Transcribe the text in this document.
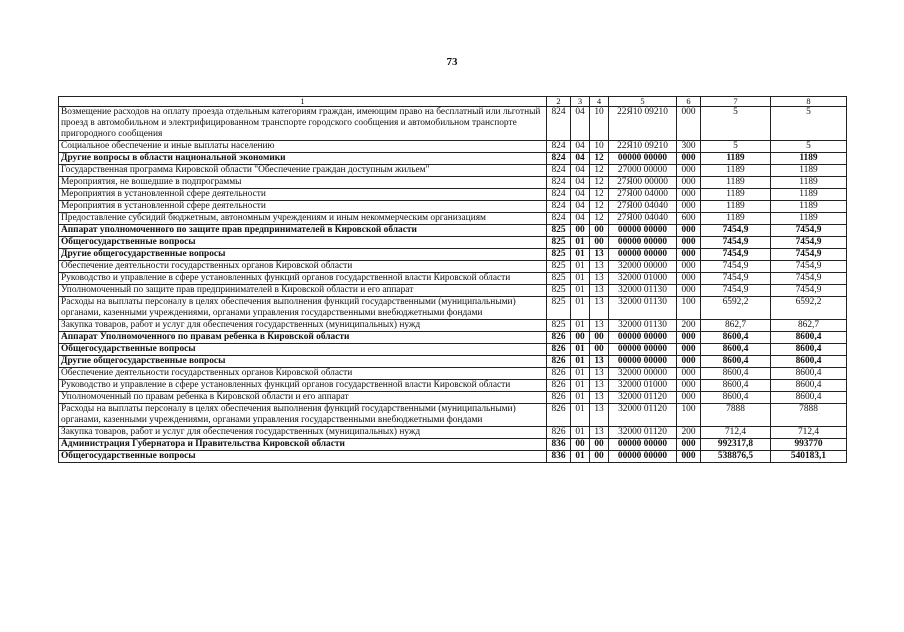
73
1	2	3	4	5	6	7	8
Возмещение расходов на оплату проезда отдельным категориям граждан, имеющим право на бесплатный или льготный проезд в автомобильном и электрифицированном транспорте городского сообщения и автомобильном транспорте пригородного сообщения	824	04	10	22Я10 09210	000	5	5
Социальное обеспечение и иные выплаты населению	824	04	10	22Я10 09210	300	5	5
Другие вопросы в области национальной экономики	824	04	12	00000 00000	000	1189	1189
Государственная программа Кировской области "Обеспечение граждан доступным жильем"	824	04	12	27000 00000	000	1189	1189
Мероприятия, не вошедшие в подпрограммы	824	04	12	27Я00 00000	000	1189	1189
Мероприятия в установленной сфере деятельности	824	04	12	27Я00 04000	000	1189	1189
Мероприятия в установленной сфере деятельности	824	04	12	27Я00 04040	000	1189	1189
Предоставление субсидий бюджетным, автономным учреждениям и иным некоммерческим организациям	824	04	12	27Я00 04040	600	1189	1189
Аппарат уполномоченного по защите прав предпринимателей в Кировской области	825	00	00	00000 00000	000	7454,9	7454,9
Общегосударственные вопросы	825	01	00	00000 00000	000	7454,9	7454,9
Другие общегосударственные вопросы	825	01	13	00000 00000	000	7454,9	7454,9
Обеспечение деятельности государственных органов Кировской области	825	01	13	32000 00000	000	7454,9	7454,9
Руководство и управление в сфере установленных функций органов государственной власти Кировской области	825	01	13	32000 01000	000	7454,9	7454,9
Уполномоченный по защите прав предпринимателей в Кировской области и его аппарат	825	01	13	32000 01130	000	7454,9	7454,9
Расходы на выплаты персоналу в целях обеспечения выполнения функций государственными (муниципальными) органами, казенными учреждениями, органами управления государственными внебюджетными фондами	825	01	13	32000 01130	100	6592,2	6592,2
Закупка товаров, работ и услуг для обеспечения государственных (муниципальных) нужд	825	01	13	32000 01130	200	862,7	862,7
Аппарат Уполномоченного по правам ребенка в Кировской области	826	00	00	00000 00000	000	8600,4	8600,4
Общегосударственные вопросы	826	01	00	00000 00000	000	8600,4	8600,4
Другие общегосударственные вопросы	826	01	13	00000 00000	000	8600,4	8600,4
Обеспечение деятельности государственных органов Кировской области	826	01	13	32000 00000	000	8600,4	8600,4
Руководство и управление в сфере установленных функций органов государственной власти Кировской области	826	01	13	32000 01000	000	8600,4	8600,4
Уполномоченный по правам ребенка в Кировской области и его аппарат	826	01	13	32000 01120	000	8600,4	8600,4
Расходы на выплаты персоналу в целях обеспечения выполнения функций государственными (муниципальными) органами, казенными учреждениями, органами управления государственными внебюджетными фондами	826	01	13	32000 01120	100	7888	7888
Закупка товаров, работ и услуг для обеспечения государственных (муниципальных) нужд	826	01	13	32000 01120	200	712,4	712,4
Администрация Губернатора и Правительства Кировской области	836	00	00	00000 00000	000	992317,8	993770
Общегосударственные вопросы	836	01	00	00000 00000	000	538876,5	540183,1
